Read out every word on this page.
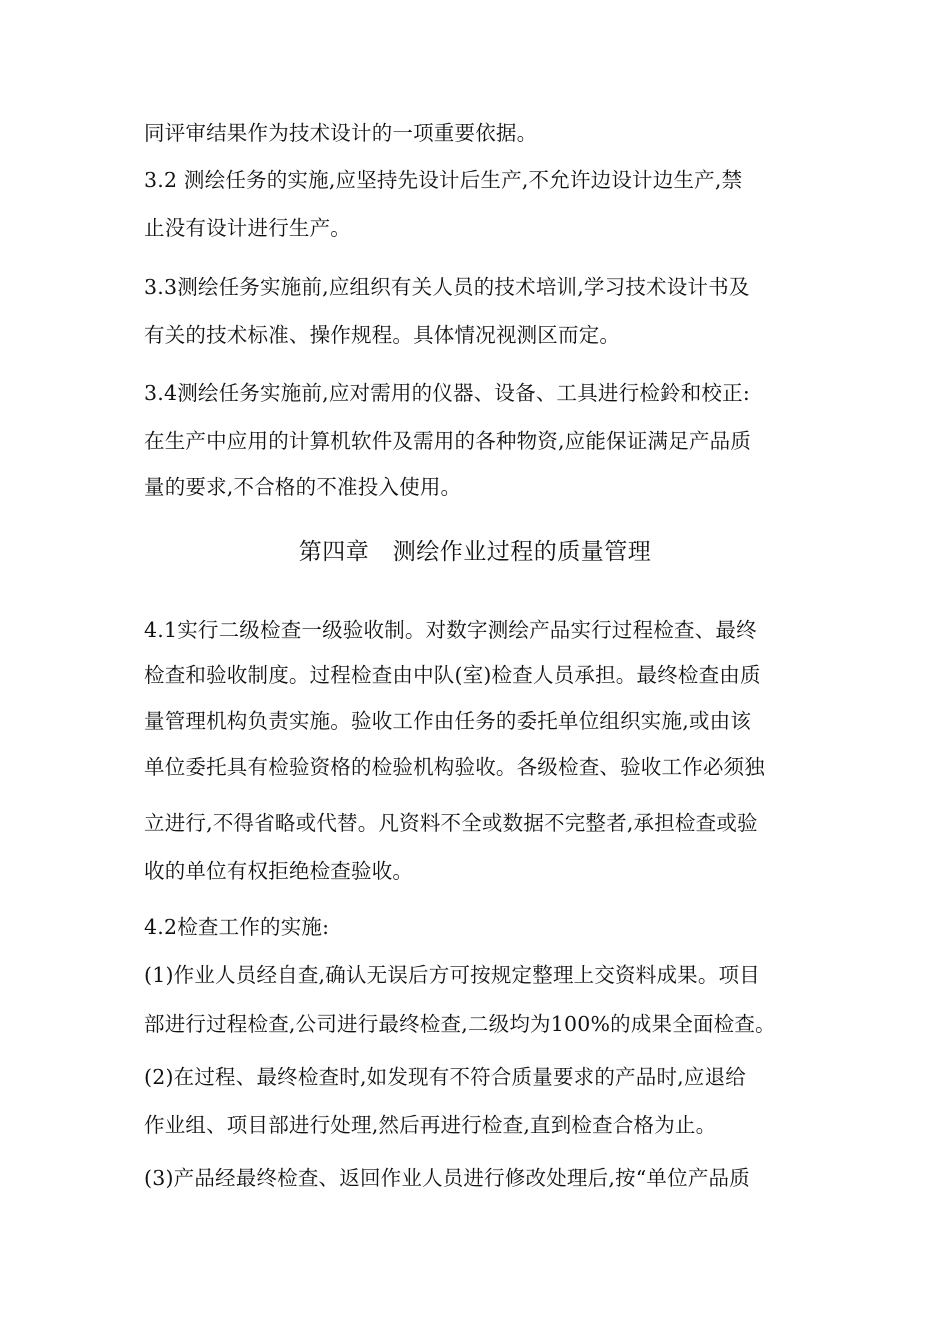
同评审结果作为技术设计的一项重要依据。
3.2 测绘任务的实施,应坚持先设计后生产,不允许边设计边生产,禁
止没有设计进行生产。
3.3测绘任务实施前,应组织有关人员的技术培训,学习技术设计书及
有关的技术标准、操作规程。具体情况视测区而定。
3.4测绘任务实施前,应对需用的仪器、设备、工具进行检鈴和校正:
在生产中应用的计算机软件及需用的各种物资,应能保证满足产品质
量的要求,不合格的不准投入使用。
第四章　测绘作业过程的质量管理
4.1实行二级检查一级验收制。对数字测绘产品实行过程检查、最终
检查和验收制度。过程检查由中队(室)检查人员承担。最终检查由质
量管理机构负责实施。验收工作由任务的委托单位组织实施,或由该
单位委托具有检验资格的检验机构验收。各级检查、验收工作必须独
立进行,不得省略或代替。凡资料不全或数据不完整者,承担检查或验
收的单位有权拒绝检查验收。
4.2检查工作的实施:
(1)作业人员经自查,确认无误后方可按规定整理上交资料成果。项目
部进行过程检查,公司进行最终检查,二级均为100%的成果全面检查。
(2)在过程、最终检查时,如发现有不符合质量要求的产品时,应退给
作业组、项目部进行处理,然后再进行检查,直到检查合格为止。
(3)产品经最终检查、返回作业人员进行修改处理后,按“单位产品质
